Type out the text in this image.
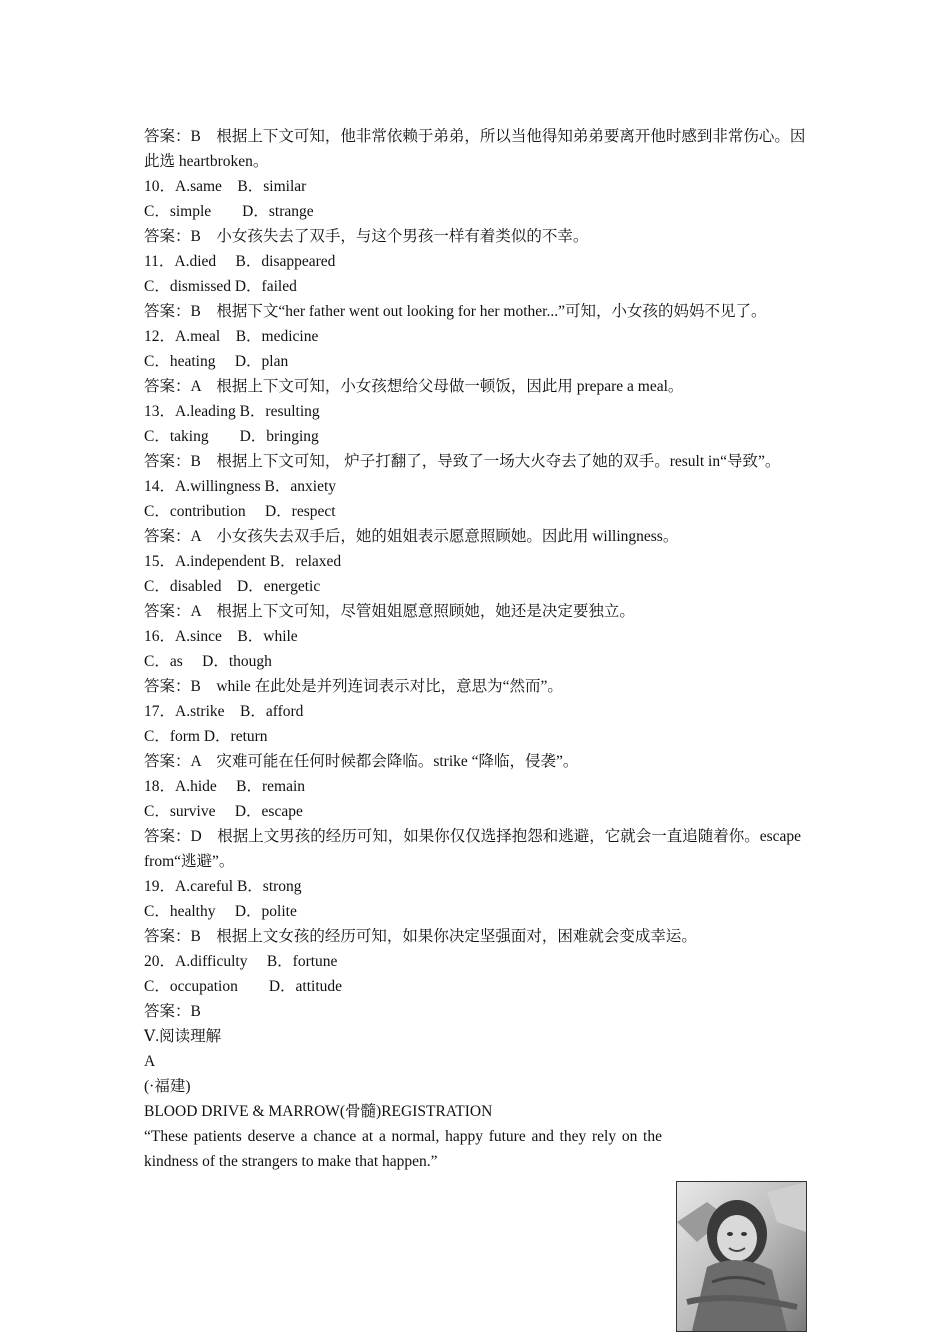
答案：B　根据上下文可知，他非常依赖于弟弟，所以当他得知弟弟要离开他时感到非常伤心。因此选 heartbroken。
10．A.same　B．similar
C．simple　　D．strange
答案：B　小女孩失去了双手，与这个男孩一样有着类似的不幸。
11．A.died　 B．disappeared
C．dismissed D．failed
答案：B　根据下文“her father went out looking for her mother...”可知，小女孩的妈妈不见了。
12．A.meal　B．medicine
C．heating　 D．plan
答案：A　根据上下文可知，小女孩想给父母做一顿饭，因此用 prepare a meal。
13．A.leading B．resulting
C．taking　　D．bringing
答案：B　根据上下文可知， 炉子打翻了，导致了一场大火夺去了她的双手。result in“导致”。
14．A.willingness B．anxiety
C．contribution　 D．respect
答案：A　小女孩失去双手后，她的姐姐表示愿意照顾她。因此用 willingness。
15．A.independent B．relaxed
C．disabled　D．energetic
答案：A　根据上下文可知，尽管姐姐愿意照顾她，她还是决定要独立。
16．A.since　B．while
C．as　 D．though
答案：B　while 在此处是并列连词表示对比，意思为“然而”。
17．A.strike　B．afford
C．form D．return
答案：A　灾难可能在任何时候都会降临。strike “降临，侵袭”。
18．A.hide　 B．remain
C．survive　 D．escape
答案：D　根据上文男孩的经历可知，如果你仅仅选择抱怨和逃避，它就会一直追随着你。escape from“逃避”。
19．A.careful B．strong
C．healthy　 D．polite
答案：B　根据上文女孩的经历可知，如果你决定坚强面对，困难就会变成幸运。
20．A.difficulty　 B．fortune
C．occupation　　D．attitude
答案：B
Ⅴ.阅读理解
A
(·福建)
BLOOD DRIVE & MARROW(骨髓)REGISTRATION
“These patients deserve a chance at a normal, happy future and they rely on the kindness of the strangers to make that happen.”
